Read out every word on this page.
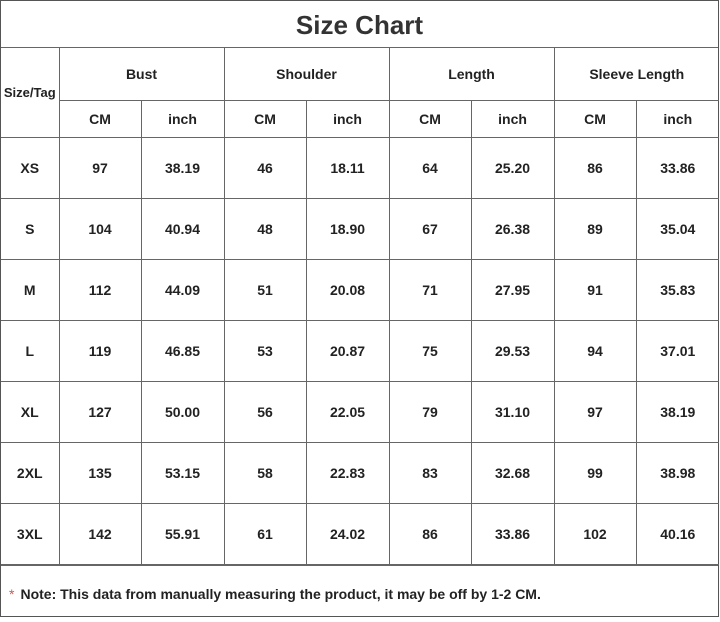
Size Chart
Size/Tag	Bust		Shoulder		Length		Sleeve Length	
	CM	inch	CM	inch	CM	inch	CM	inch
XS	97	38.19	46	18.11	64	25.20	86	33.86
S	104	40.94	48	18.90	67	26.38	89	35.04
M	112	44.09	51	20.08	71	27.95	91	35.83
L	119	46.85	53	20.87	75	29.53	94	37.01
XL	127	50.00	56	22.05	79	31.10	97	38.19
2XL	135	53.15	58	22.83	83	32.68	99	38.98
3XL	142	55.91	61	24.02	86	33.86	102	40.16
* Note: This data from manually measuring the product, it may be off by 1-2 CM.
